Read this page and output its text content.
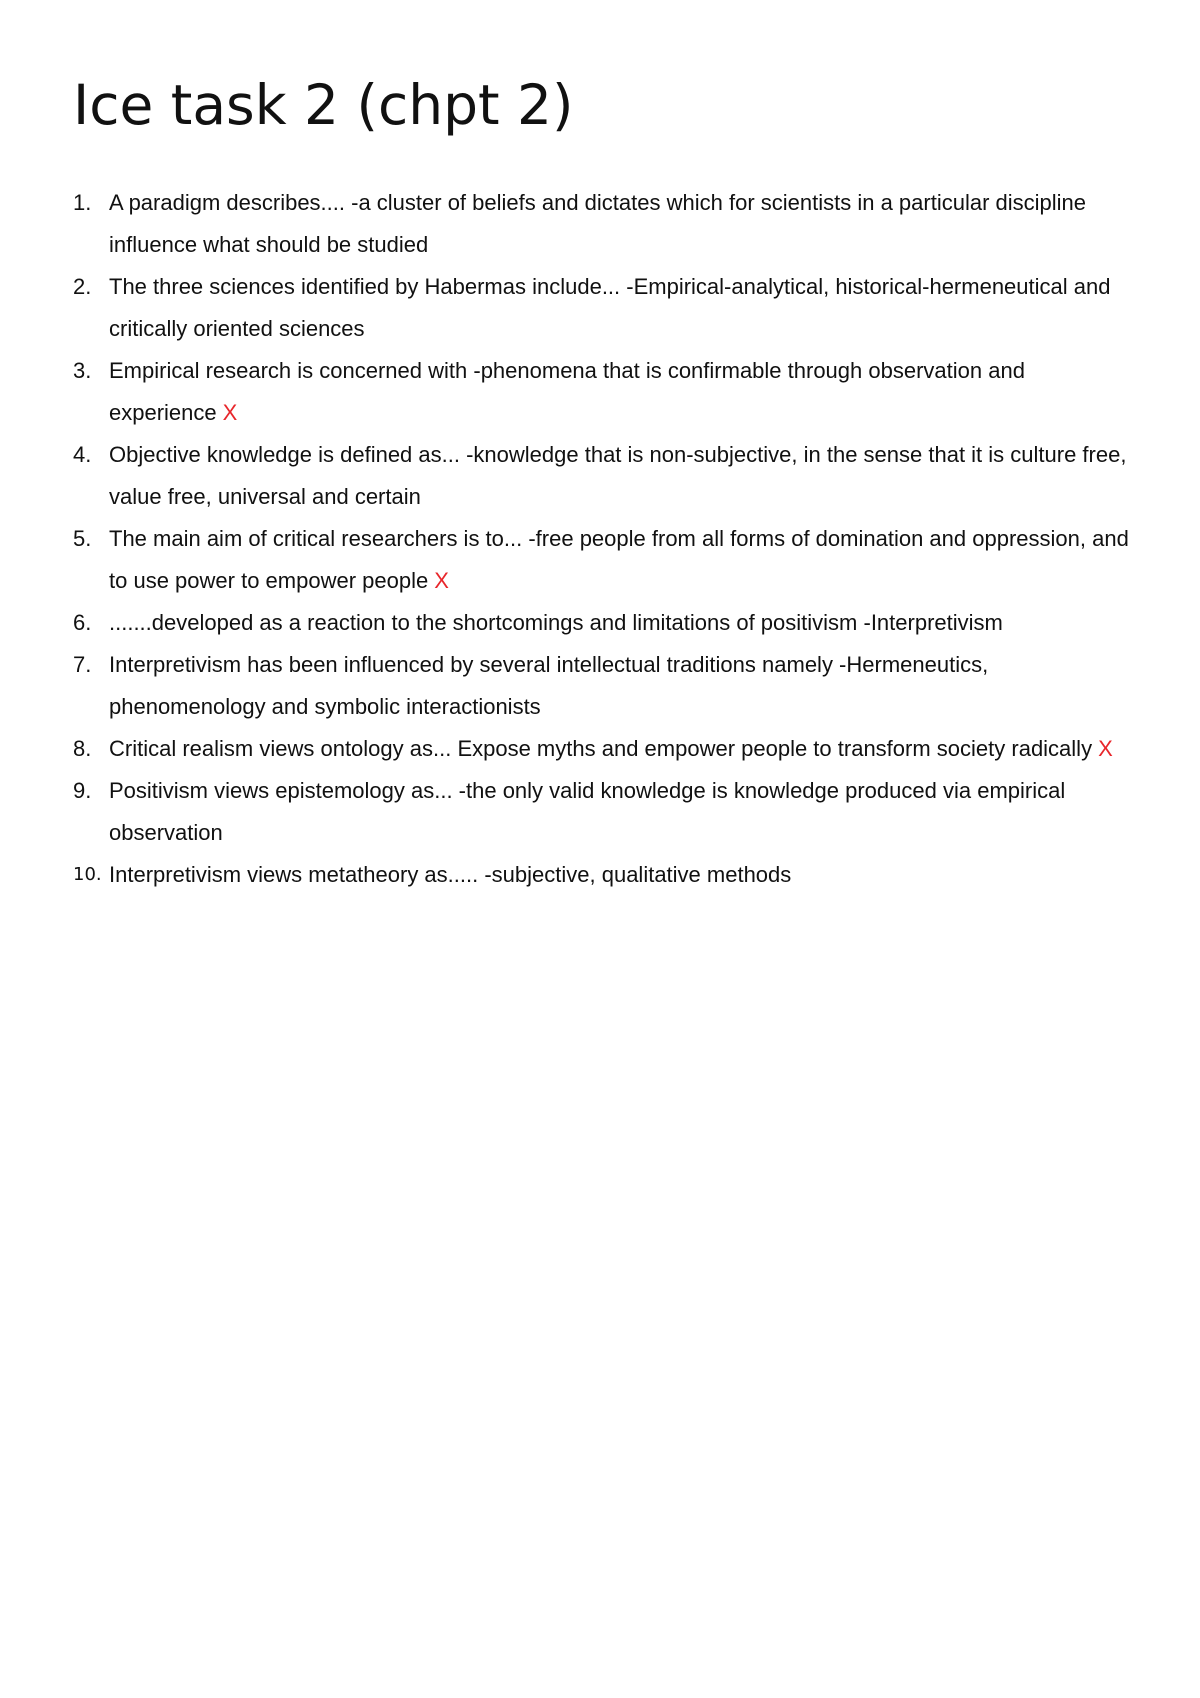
Ice task 2 (chpt 2)
1. A paradigm describes.... -a cluster of beliefs and dictates which for scientists in a particular discipline influence what should be studied
2. The three sciences identified by Habermas include... -Empirical-analytical, historical-hermeneutical and critically oriented sciences
3. Empirical research is concerned with -phenomena that is confirmable through observation and experience X
4. Objective knowledge is defined as... -knowledge that is non-subjective, in the sense that it is culture free, value free, universal and certain
5. The main aim of critical researchers is to... -free people from all forms of domination and oppression, and to use power to empower people X
6. .......developed as a reaction to the shortcomings and limitations of positivism -Interpretivism
7. Interpretivism has been influenced by several intellectual traditions namely -Hermeneutics, phenomenology and symbolic interactionists
8. Critical realism views ontology as... Expose myths and empower people to transform society radically X
9. Positivism views epistemology as... -the only valid knowledge is knowledge produced via empirical observation
10. Interpretivism views metatheory as..... -subjective, qualitative methods
